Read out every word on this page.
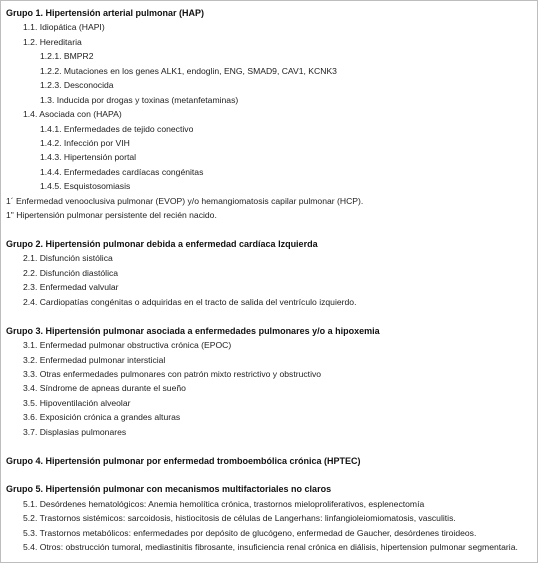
Grupo 1. Hipertensión arterial pulmonar (HAP)
1.1. Idiopática (HAPI)
1.2. Hereditaria
1.2.1. BMPR2
1.2.2. Mutaciones en los genes ALK1, endoglin, ENG, SMAD9, CAV1, KCNK3
1.2.3. Desconocida
1.3. Inducida por drogas y toxinas (metanfetaminas)
1.4. Asociada con (HAPA)
1.4.1. Enfermedades de tejido conectivo
1.4.2. Infección por VIH
1.4.3. Hipertensión portal
1.4.4. Enfermedades cardíacas congénitas
1.4.5. Esquistosomiasis
1´ Enfermedad venooclusiva pulmonar (EVOP) y/o hemangiomatosis capilar pulmonar (HCP).
1" Hipertensión pulmonar persistente del recién nacido.
Grupo 2. Hipertensión pulmonar debida a enfermedad cardíaca Izquierda
2.1. Disfunción sistólica
2.2. Disfunción diastólica
2.3. Enfermedad valvular
2.4. Cardiopatías congénitas o adquiridas en el tracto de salida del ventrículo izquierdo.
Grupo 3. Hipertensión pulmonar asociada a enfermedades pulmonares y/o a hipoxemia
3.1. Enfermedad pulmonar obstructiva crónica (EPOC)
3.2. Enfermedad pulmonar intersticial
3.3. Otras enfermedades pulmonares con patrón mixto restrictivo y obstructivo
3.4. Síndrome de apneas durante el sueño
3.5. Hipoventilación alveolar
3.6. Exposición crónica a grandes alturas
3.7. Displasias pulmonares
Grupo 4. Hipertensión pulmonar por enfermedad tromboembólica crónica (HPTEC)
Grupo 5. Hipertensión pulmonar con mecanismos multifactoriales no claros
5.1. Desórdenes hematológicos: Anemia hemolítica crónica, trastornos mieloproliferativos, esplenectomía
5.2. Trastornos sistémicos: sarcoidosis, histiocitosis de células de Langerhans: linfangioleiomiomatosis, vasculitis.
5.3. Trastornos metabólicos: enfermedades por depósito de glucógeno, enfermedad de Gaucher, desórdenes tiroideos.
5.4. Otros: obstrucción tumoral, mediastinitis fibrosante, insuficiencia renal crónica en diálisis, hipertension pulmonar segmentaria.
